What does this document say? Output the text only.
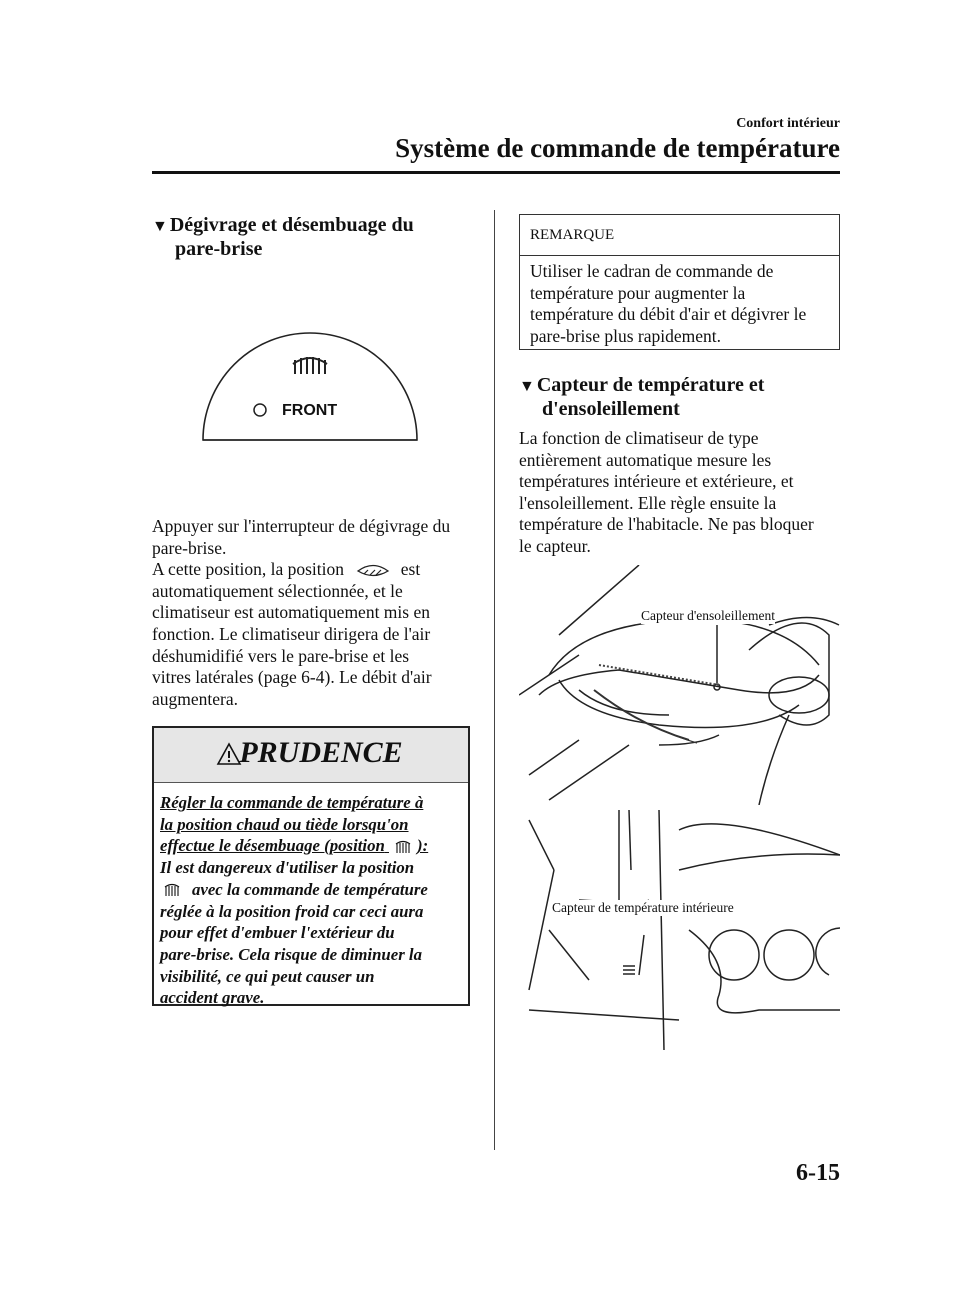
Confort intérieur
Système de commande de température
▼ Dégivrage et désembuage du
pare-brise
FRONT
Appuyer sur l'interrupteur de dégivrage du
pare-brise.
A cette position, la position	est
automatiquement sélectionnée, et le
climatiseur est automatiquement mis en
fonction. Le climatiseur dirigera de l'air
déshumidifié vers le pare-brise et les
vitres latérales (page 6-4). Le débit d'air
augmentera.
PRUDENCE
Régler la commande de température à
la position chaud ou tiède lorsqu'on
effectue le désembuage (position ):
Il est dangereux d'utiliser la position
avec la commande de température
réglée à la position froid car ceci aura
pour effet d'embuer l'extérieur du
pare-brise. Cela risque de diminuer la
visibilité, ce qui peut causer un
accident grave.
REMARQUE
Utiliser le cadran de commande de
température pour augmenter la
température du débit d'air et dégivrer le
pare-brise plus rapidement.
▼ Capteur de température et
d'ensoleillement
La fonction de climatiseur de type
entièrement automatique mesure les
températures intérieure et extérieure, et
l'ensoleillement. Elle règle ensuite la
température de l'habitacle. Ne pas bloquer
le capteur.
Capteur d'ensoleillement
Capteur de température intérieure
6-15
